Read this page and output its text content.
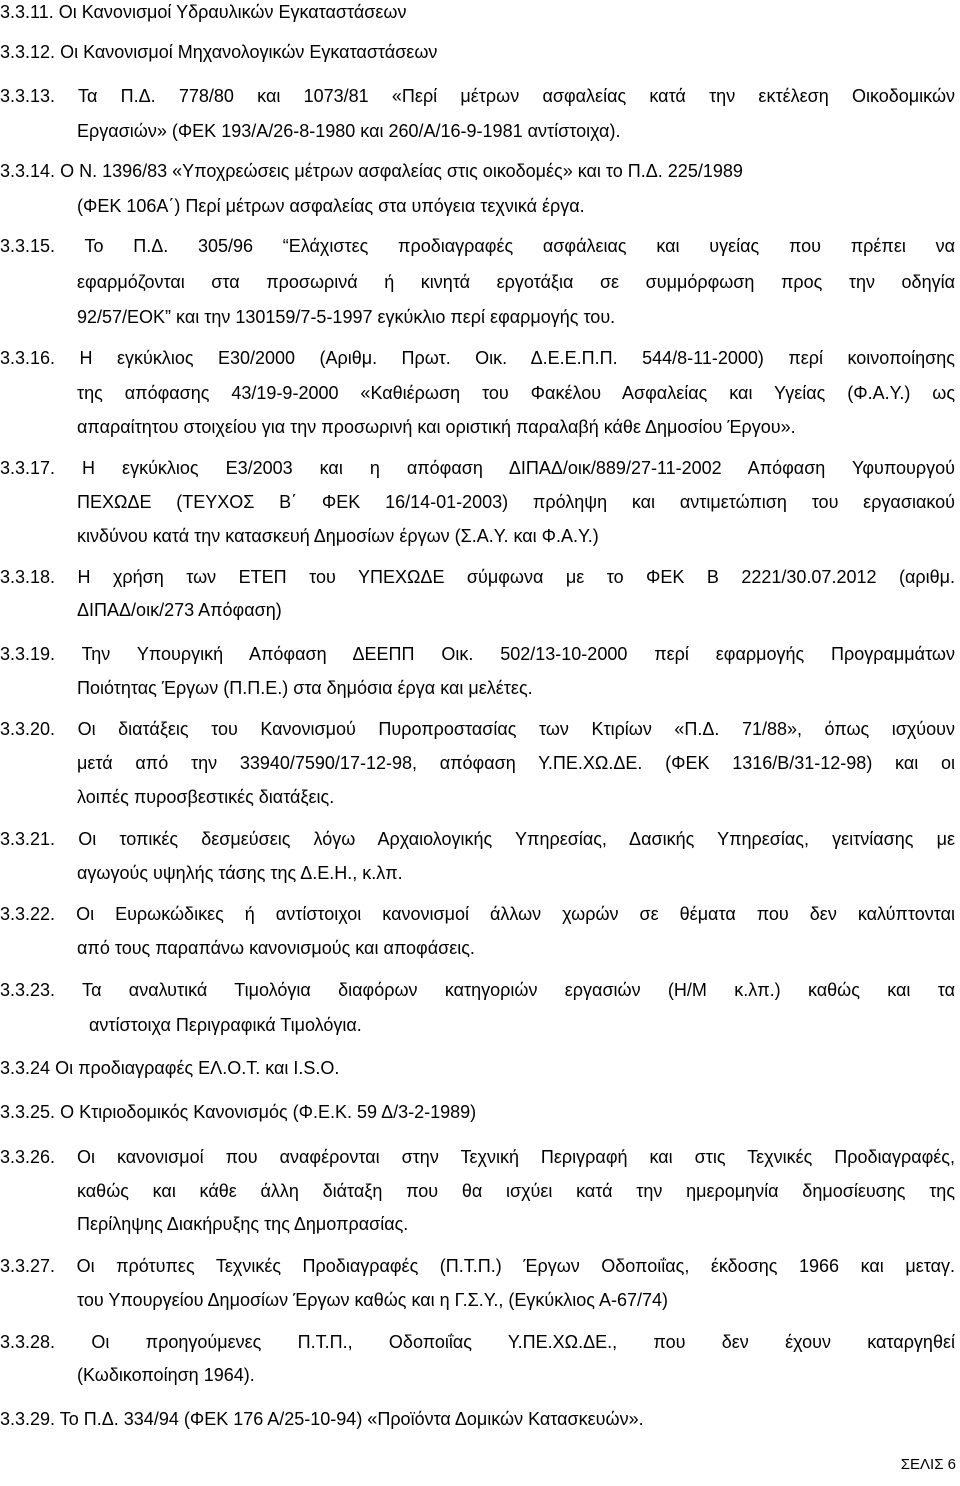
3.3.11. Οι Κανονισμοί Υδραυλικών Εγκαταστάσεων
3.3.12. Οι Κανονισμοί Μηχανολογικών Εγκαταστάσεων
3.3.13. Τα Π.Δ. 778/80 και 1073/81 «Περί μέτρων ασφαλείας κατά την εκτέλεση Οικοδομικών
Εργασιών» (ΦΕΚ 193/Α/26-8-1980 και 260/Α/16-9-1981 αντίστοιχα).
3.3.14. Ο Ν. 1396/83 «Υποχρεώσεις μέτρων ασφαλείας στις οικοδομές» και το Π.Δ. 225/1989
(ΦΕΚ 106Α΄) Περί μέτρων ασφαλείας στα υπόγεια τεχνικά έργα.
3.3.15. Το Π.Δ. 305/96 “Ελάχιστες προδιαγραφές ασφάλειας και υγείας που πρέπει να
εφαρμόζονται στα προσωρινά ή κινητά εργοτάξια σε συμμόρφωση προς την οδηγία
92/57/ΕΟΚ” και την 130159/7-5-1997 εγκύκλιο περί εφαρμογής του.
3.3.16. Η εγκύκλιος Ε30/2000 (Αριθμ. Πρωτ. Οικ. Δ.Ε.Ε.Π.Π. 544/8-11-2000) περί κοινοποίησης
της απόφασης 43/19-9-2000 «Καθιέρωση του Φακέλου Ασφαλείας και Υγείας (Φ.Α.Υ.) ως
απαραίτητου στοιχείου για την προσωρινή και οριστική παραλαβή κάθε Δημοσίου Έργου».
3.3.17. Η εγκύκλιος Ε3/2003 και η απόφαση ΔΙΠΑΔ/οικ/889/27-11-2002 Απόφαση Υφυπουργού
ΠΕΧΩΔΕ (ΤΕΥΧΟΣ Β΄ ΦΕΚ 16/14-01-2003) πρόληψη και αντιμετώπιση του εργασιακού
κινδύνου κατά την κατασκευή Δημοσίων έργων (Σ.Α.Υ. και Φ.Α.Υ.)
3.3.18. Η χρήση των ΕΤΕΠ του ΥΠΕΧΩΔΕ σύμφωνα με το ΦΕΚ Β 2221/30.07.2012 (αριθμ.
ΔΙΠΑΔ/οικ/273 Απόφαση)
3.3.19. Την Υπουργική Απόφαση ΔΕΕΠΠ Οικ. 502/13-10-2000 περί εφαρμογής Προγραμμάτων
Ποιότητας Έργων (Π.Π.Ε.) στα δημόσια έργα και μελέτες.
3.3.20. Οι διατάξεις του Κανονισμού Πυροπροστασίας των Κτιρίων «Π.Δ. 71/88», όπως ισχύουν
μετά από την 33940/7590/17-12-98, απόφαση Υ.ΠΕ.ΧΩ.ΔΕ. (ΦΕΚ 1316/Β/31-12-98) και οι
λοιπές πυροσβεστικές διατάξεις.
3.3.21. Οι τοπικές δεσμεύσεις λόγω Αρχαιολογικής Υπηρεσίας, Δασικής Υπηρεσίας, γειτνίασης με
αγωγούς υψηλής τάσης της Δ.Ε.Η., κ.λπ.
3.3.22. Οι Ευρωκώδικες ή αντίστοιχοι κανονισμοί άλλων χωρών σε θέματα που δεν καλύπτονται
από τους παραπάνω κανονισμούς και αποφάσεις.
3.3.23. Τα αναλυτικά Τιμολόγια διαφόρων κατηγοριών εργασιών (Η/Μ κ.λπ.) καθώς και τα
αντίστοιχα Περιγραφικά Τιμολόγια.
3.3.24 Οι προδιαγραφές ΕΛ.Ο.Τ. και I.S.O.
3.3.25. Ο Κτιριοδομικός Κανονισμός (Φ.Ε.Κ. 59 Δ/3-2-1989)
3.3.26. Οι κανονισμοί που αναφέρονται στην Τεχνική Περιγραφή και στις Τεχνικές Προδιαγραφές,
καθώς και κάθε άλλη διάταξη που θα ισχύει κατά την ημερομηνία δημοσίευσης της
Περίληψης Διακήρυξης της Δημοπρασίας.
3.3.27. Οι πρότυπες Τεχνικές Προδιαγραφές (Π.Τ.Π.) Έργων Οδοποιΐας, έκδοσης 1966 και μεταγ.
του Υπουργείου Δημοσίων Έργων καθώς και η Γ.Σ.Υ., (Εγκύκλιος Α-67/74)
3.3.28. Οι προηγούμενες Π.Τ.Π., Οδοποιΐας Υ.ΠΕ.ΧΩ.ΔΕ., που δεν έχουν καταργηθεί
(Κωδικοποίηση 1964).
3.3.29. Το Π.Δ. 334/94 (ΦΕΚ 176 Α/25-10-94) «Προϊόντα Δομικών Κατασκευών».
ΣΕΛΙΣ 6
